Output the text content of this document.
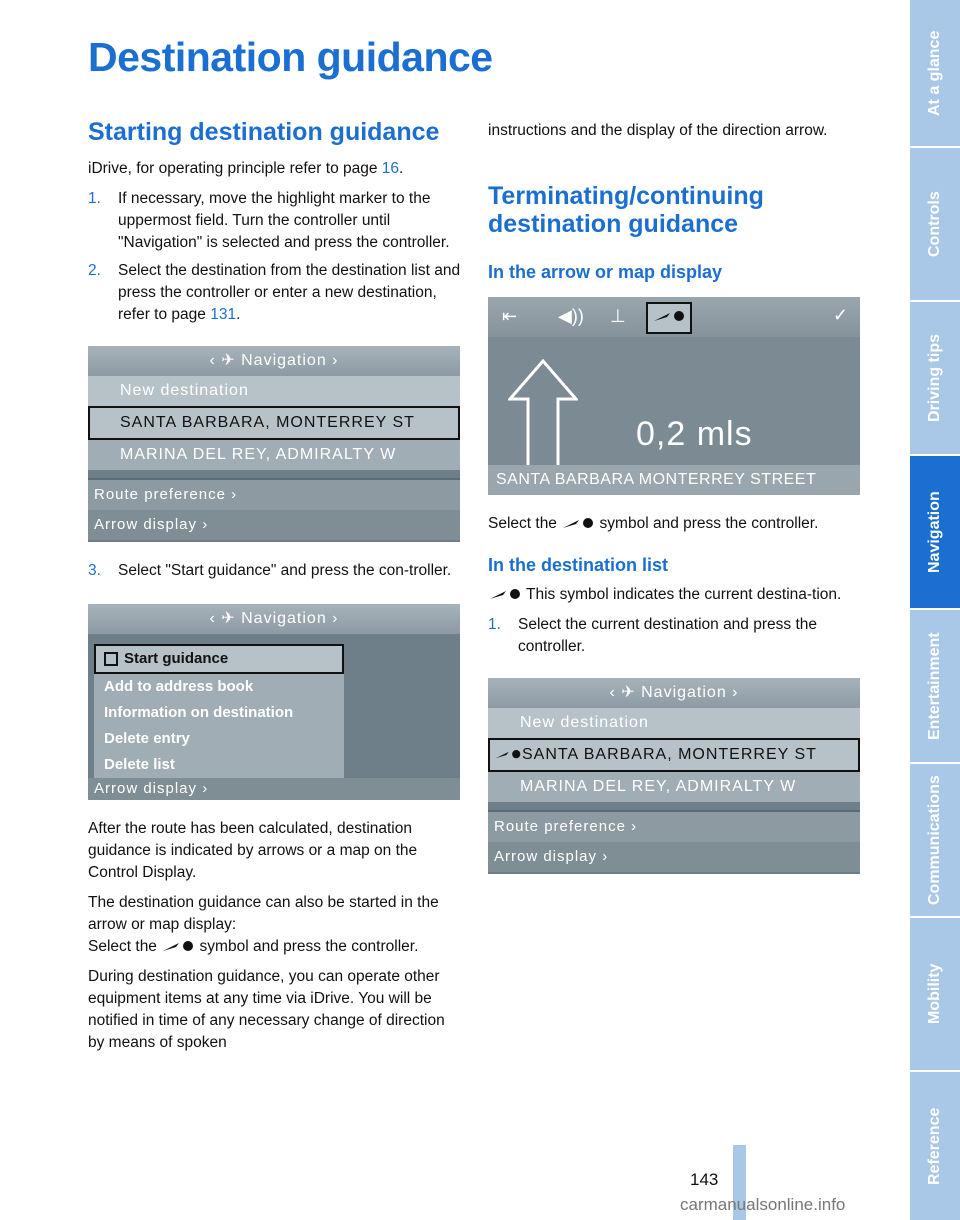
Destination guidance
Starting destination guidance

iDrive, for operating principle refer to page 16.

1. If necessary, move the highlight marker to the uppermost field. Turn the controller until "Navigation" is selected and press the controller.
2. Select the destination from the destination list and press the controller or enter a new destination, refer to page 131.
‹ ✈ Navigation ›
New destination
SANTA BARBARA, MONTERREY ST
MARINA DEL REY, ADMIRALTY W
Route preference ›
Arrow display ›
3. Select "Start guidance" and press the con-troller.
‹ ✈ Navigation ›
Start guidance
Add to address book
Information on destination
Delete entry
Delete list
Arrow display ›

After the route has been calculated, destination guidance is indicated by arrows or a map on the Control Display.

The destination guidance can also be started in the arrow or map display:

Select the  symbol and press the controller.

During destination guidance, you can operate other equipment items at any time via iDrive. You will be notified in time of any necessary change of direction by means of spoken

instructions and the display of the direction arrow.

Terminating/continuing destination guidance
In the arrow or map display
⇤ ◀)) ⊥	✓
0,2 mls
SANTA BARBARA MONTERREY STREET

Select the  symbol and press the controller.

In the destination list

This symbol indicates the current destina-tion.

1. Select the current destination and press the controller.
‹ ✈ Navigation ›
New destination
SANTA BARBARA, MONTERREY ST
MARINA DEL REY, ADMIRALTY W
Route preference ›
Arrow display ›
At a glance
Controls
Driving tips
Navigation
Entertainment
Communications
Mobility
Reference
143
carmanualsonline.info
